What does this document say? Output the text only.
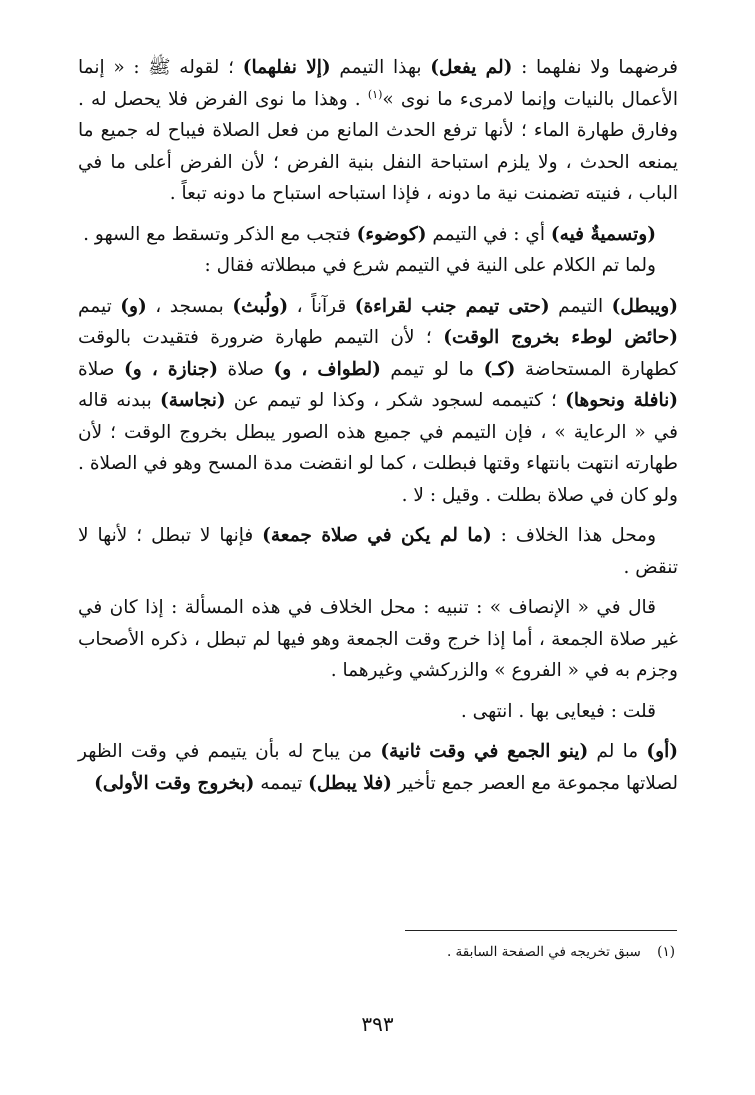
فرضهما ولا نفلهما : (لم يفعل) بهذا التيمم (إلا نفلهما) ؛ لقوله ﷺ : « إنما الأعمال بالنيات وإنما لامرىء ما نوى »$^{(١)}$ . وهذا ما نوى الفرض فلا يحصل له . وفارق طهارة الماء ؛ لأنها ترفع الحدث المانع من فعل الصلاة فيباح له جميع ما يمنعه الحدث ، ولا يلزم استباحة النفل بنية الفرض ؛ لأن الفرض أعلى ما في الباب ، فنيته تضمنت نية ما دونه ، فإذا استباحه استباح ما دونه تبعاً .

(وتسميةٌ فيه) أي : في التيمم (كوضوء) فتجب مع الذكر وتسقط مع السهو .

ولما تم الكلام على النية في التيمم شرع في مبطلاته فقال :

(ويبطل) التيمم (حتى تيمم جنب لقراءة) قرآناً ، (ولُبث) بمسجد ، (و) تيمم (حائض لوطء بخروج الوقت) ؛ لأن التيمم طهارة ضرورة فتقيدت بالوقت كطهارة المستحاضة (كـ) ما لو تيمم (لطواف ، و) صلاة (جنازة ، و) صلاة (نافلة ونحوها) ؛ كتيممه لسجود شكر ، وكذا لو تيمم عن (نجاسة) ببدنه قاله في « الرعاية » ، فإن التيمم في جميع هذه الصور يبطل بخروج الوقت ؛ لأن طهارته انتهت بانتهاء وقتها فبطلت ، كما لو انقضت مدة المسح وهو في الصلاة . ولو كان في صلاة بطلت . وقيل : لا .

ومحل هذا الخلاف : (ما لم يكن في صلاة جمعة) فإنها لا تبطل ؛ لأنها لا تنقض .

قال في « الإنصاف » : تنبيه : محل الخلاف في هذه المسألة : إذا كان في غير صلاة الجمعة ، أما إذا خرج وقت الجمعة وهو فيها لم تبطل ، ذكره الأصحاب وجزم به في « الفروع » والزركشي وغيرهما .

قلت : فيعايى بها . انتهى .

(أو) ما لم (ينو الجمع في وقت ثانية) من يباح له بأن يتيمم في وقت الظهر لصلاتها مجموعة مع العصر جمع تأخير (فلا يبطل) تيممه (بخروج وقت الأولى)

(١) سبق تخريجه في الصفحة السابقة .
٣٩٣
